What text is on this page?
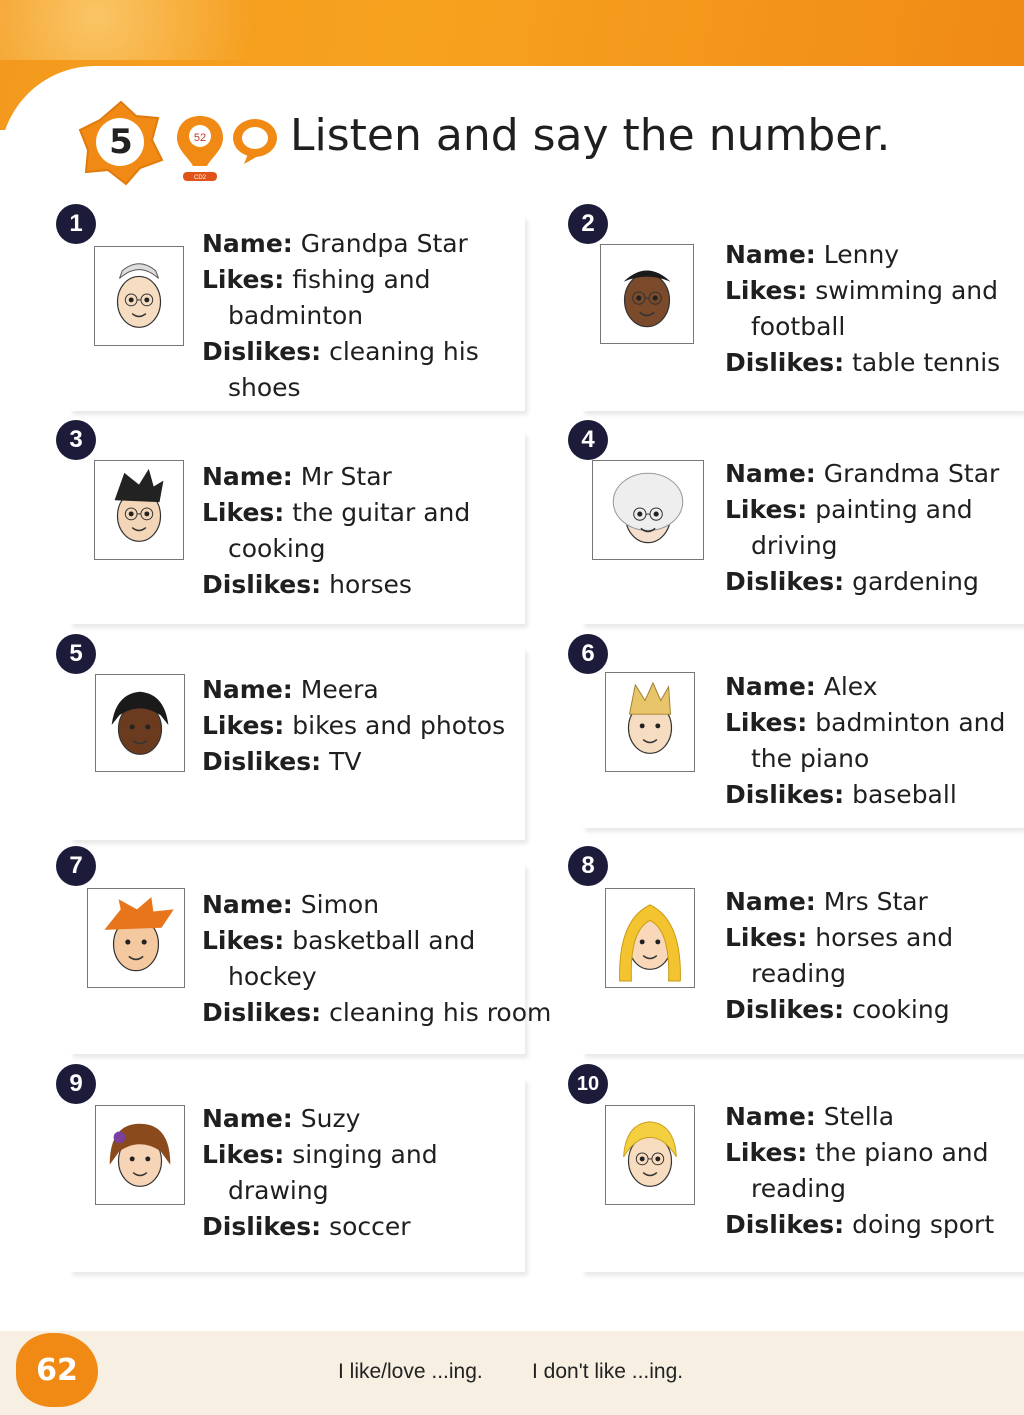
5	52
CD2
Listen and say the number.
1
Name: Grandpa Star
Likes: fishing and
badminton
Dislikes: cleaning his
shoes
2
Name: Lenny
Likes: swimming and
football
Dislikes: table tennis
3
Name: Mr Star
Likes: the guitar and
cooking
Dislikes: horses
4
Name: Grandma Star
Likes: painting and
driving
Dislikes: gardening
5
Name: Meera
Likes: bikes and photos
Dislikes: TV
6
Name: Alex
Likes: badminton and
the piano
Dislikes: baseball
7
Name: Simon
Likes: basketball and
hockey
Dislikes: cleaning his room
8
Name: Mrs Star
Likes: horses and
reading
Dislikes: cooking
9
Name: Suzy
Likes: singing and
drawing
Dislikes: soccer
10
Name: Stella
Likes: the piano and
reading
Dislikes: doing sport
62	I like/love ...ing. I don't like ...ing.
